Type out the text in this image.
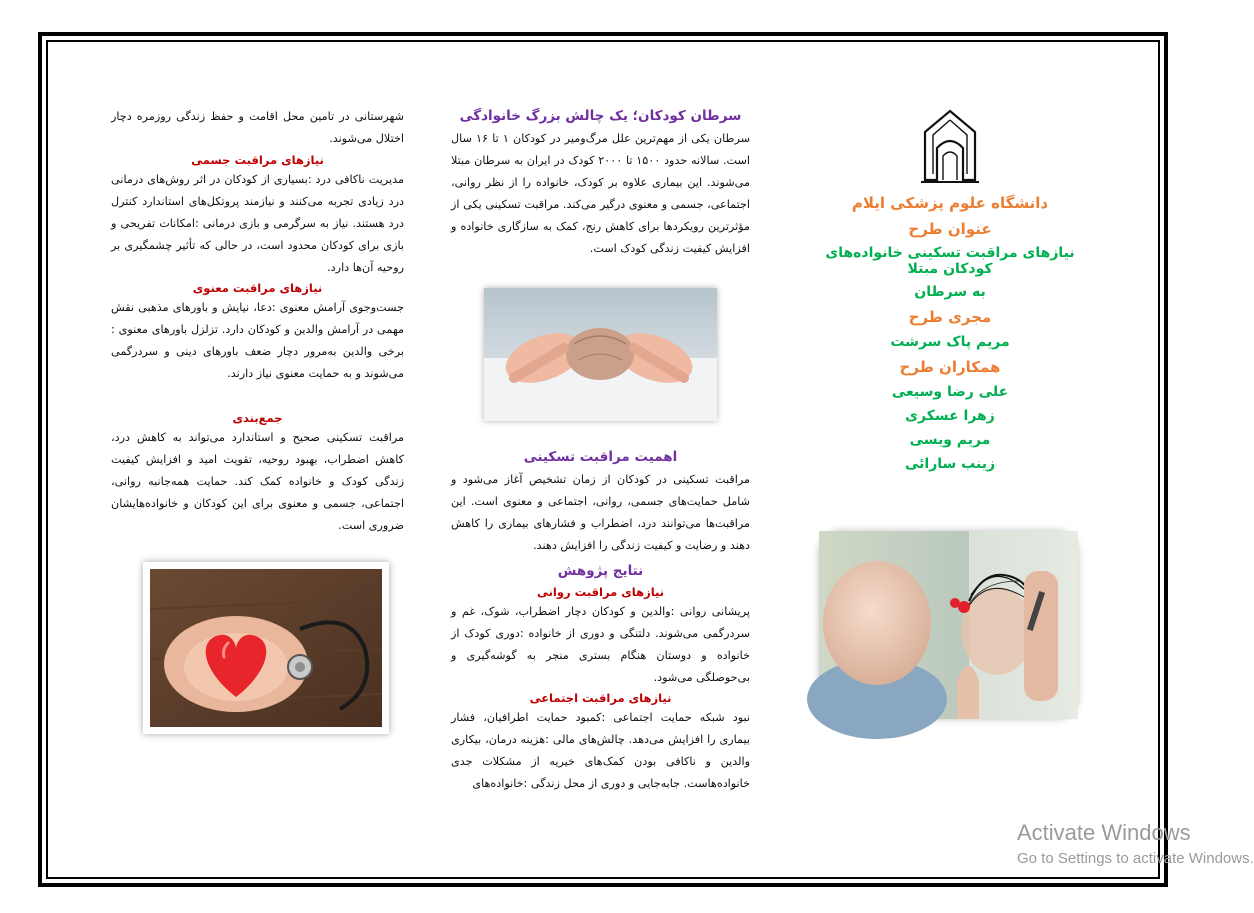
دانشگاه علوم پزشکی ایلام
عنوان طرح
نیازهای مراقبت تسکینی خانواده‌های کودکان مبتلا
به سرطان
مجری طرح
مریم پاک سرشت
همکاران طرح
علی رضا وسیعی
زهرا عسکری
مریم ویسی
زینب سارائی
سرطان کودکان؛ یک چالش بزرگ خانوادگی
سرطان یکی از مهم‌ترین علل مرگ‌ومیر در کودکان ۱ تا ۱۶ سال است. سالانه حدود ۱۵۰۰ تا ۲۰۰۰ کودک در ایران به سرطان مبتلا می‌شوند. این بیماری علاوه بر کودک، خانواده را از نظر روانی، اجتماعی، جسمی و معنوی درگیر می‌کند. مراقبت تسکینی یکی از مؤثرترین رویکردها برای کاهش رنج، کمک به سازگاری خانواده و افزایش کیفیت زندگی کودک است.
اهمیت مراقبت تسکینی
مراقبت تسکینی در کودکان از زمان تشخیص آغاز می‌شود و شامل حمایت‌های جسمی، روانی، اجتماعی و معنوی است. این مراقبت‌ها می‌توانند درد، اضطراب و فشارهای بیماری را کاهش دهند و رضایت و کیفیت زندگی را افزایش دهند.
نتایج پژوهش
نیازهای مراقبت روانی
پریشانی روانی :والدین و کودکان دچار اضطراب، شوک، غم و سردرگمی می‌شوند. دلتنگی و دوری از خانواده :دوری کودک از خانواده و دوستان هنگام بستری منجر به گوشه‌گیری و بی‌حوصلگی می‌شود.
نیازهای مراقبت اجتماعی
نبود شبکه حمایت اجتماعی :کمبود حمایت اطرافیان، فشار بیماری را افزایش می‌دهد. چالش‌های مالی :هزینه درمان، بیکاری والدین و ناکافی بودن کمک‌های خیریه از مشکلات جدی خانواده‌هاست. جابه‌جایی و دوری از محل زندگی :خانواده‌های
شهرستانی در تامین محل اقامت و حفظ زندگی روزمره دچار اختلال می‌شوند.
نیازهای مراقبت جسمی
مدیریت ناکافی درد :بسیاری از کودکان در اثر روش‌های درمانی درد زیادی تجربه می‌کنند و نیازمند پروتکل‌های استاندارد کنترل درد هستند. نیاز به سرگرمی و بازی درمانی :امکانات تفریحی و بازی برای کودکان محدود است، در حالی که تأثیر چشمگیری بر روحیه آن‌ها دارد.
نیازهای مراقبت معنوی
جست‌وجوی آرامش معنوی :دعا، نیایش و باورهای مذهبی نقش مهمی در آرامش والدین و کودکان دارد. تزلزل باورهای معنوی : برخی والدین به‌مرور دچار ضعف باورهای دینی و سردرگمی می‌شوند و به حمایت معنوی نیاز دارند.
جمع‌بندی
مراقبت تسکینی صحیح و استاندارد می‌تواند به کاهش درد، کاهش اضطراب، بهبود روحیه، تقویت امید و افزایش کیفیت زندگی کودک و خانواده کمک کند. حمایت همه‌جانبه روانی، اجتماعی، جسمی و معنوی برای این کودکان و خانواده‌هایشان ضروری است.
Activate Windows
Go to Settings to activate Windows.
